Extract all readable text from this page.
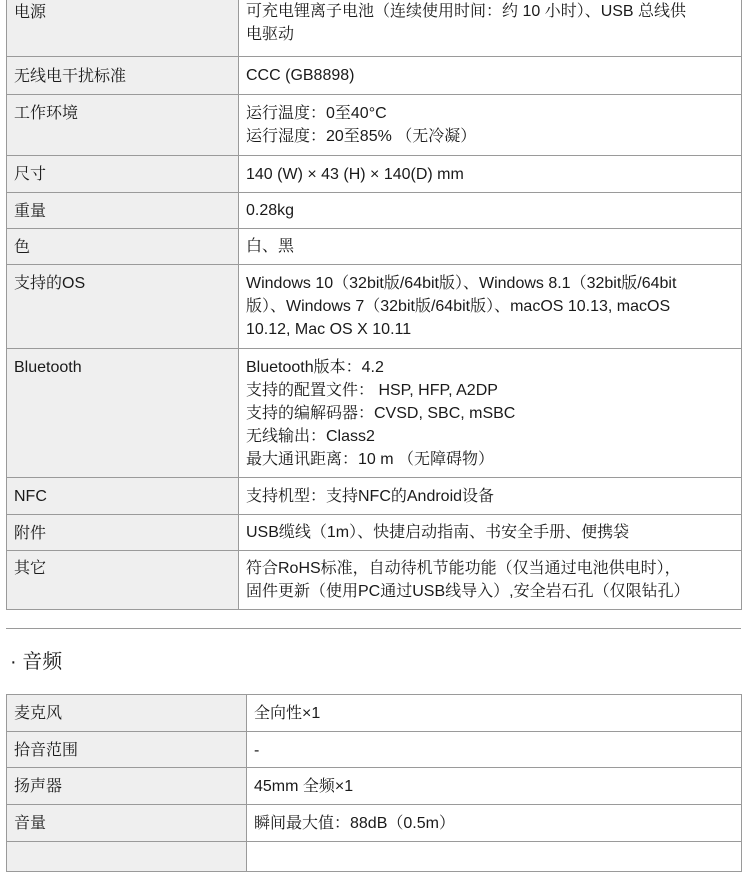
电源	可充电锂离子电池（连续使用时间：约 10 小时）、USB 总线供
电驱动

无线电干扰标准	CCC (GB8898)

工作环境	运行温度：0至40°C
运行湿度：20至85% （无冷凝）

尺寸	140 (W) × 43 (H) × 140(D) mm

重量	0.28kg

色	白、黑

支持的OS	Windows 10（32bit版/64bit版）、Windows 8.1（32bit版/64bit
版）、Windows 7（32bit版/64bit版）、macOS 10.13, macOS
10.12, Mac OS X 10.11

Bluetooth	Bluetooth版本：4.2
支持的配置文件： HSP, HFP, A2DP
支持的编解码器：CVSD, SBC, mSBC
无线输出：Class2
最大通讯距离：10 m （无障碍物）

NFC	支持机型：支持NFC的Android设备

附件	USB缆线（1m）、快捷启动指南、书安全手册、便携袋

其它	符合RoHS标准，自动待机节能功能（仅当通过电池供电时），
固件更新（使用PC通过USB线导入）,安全岩石孔（仅限钻孔）
· 音频
麦克风	全向性×1
拾音范围	-
扬声器	45mm 全频×1
音量	瞬间最大值：88dB（0.5m）
